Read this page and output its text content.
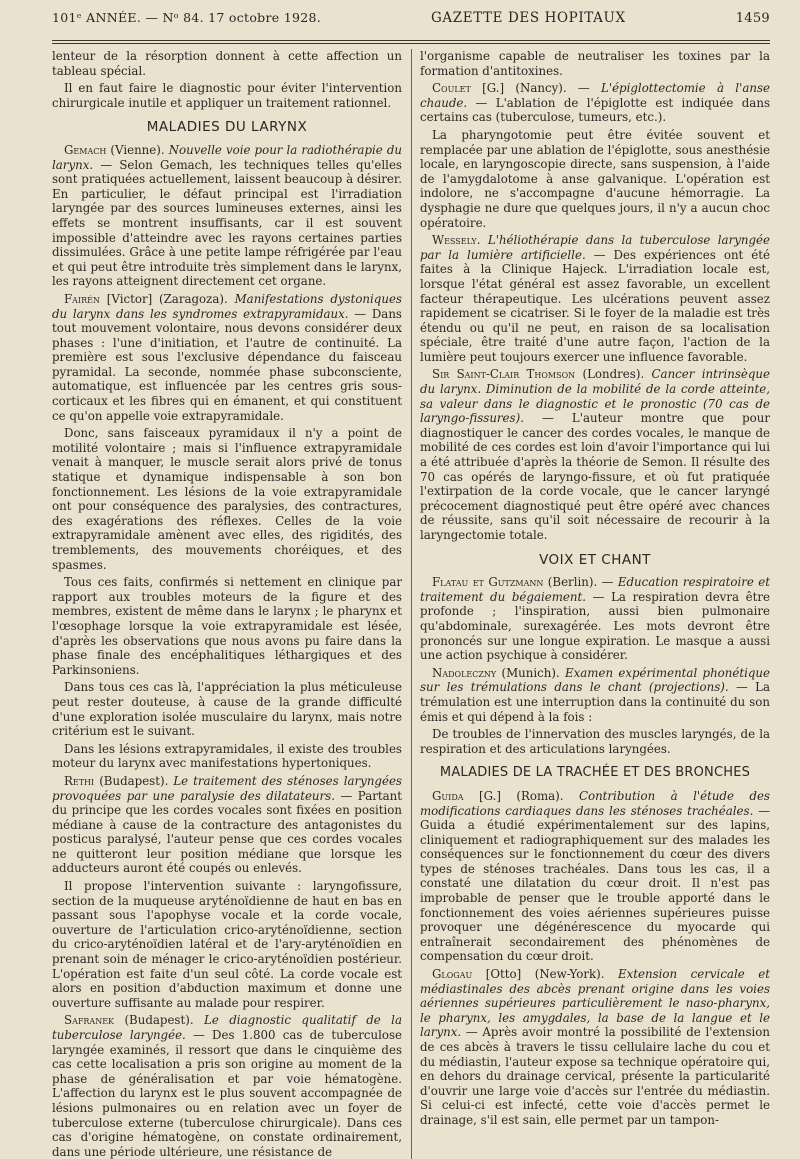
101ᵉ ANNÉE. — Nᵒ 84. 17 octobre 1928.	GAZETTE DES HOPITAUX	1459

lenteur de la résorption donnent à cette affection un tableau spécial.

Il en faut faire le diagnostic pour éviter l'intervention chirurgicale inutile et appliquer un traitement rationnel.

MALADIES DU LARYNX

Gemach (Vienne). Nouvelle voie pour la radiothérapie du larynx. — Selon Gemach, les techniques telles qu'elles sont pratiquées actuellement, laissent beaucoup à désirer. En particulier, le défaut principal est l'irradiation laryngée par des sources lumineuses externes, ainsi les effets se montrent insuffisants, car il est souvent impossible d'atteindre avec les rayons certaines parties dissimulées. Grâce à une petite lampe réfrigérée par l'eau et qui peut être introduite très simplement dans le larynx, les rayons atteignent directement cet organe.

Fairén [Victor] (Zaragoza). Manifestations dystoniques du larynx dans les syndromes extrapyramidaux. — Dans tout mouvement volontaire, nous devons considérer deux phases : l'une d'initiation, et l'autre de continuité. La première est sous l'exclusive dépendance du faisceau pyramidal. La seconde, nommée phase subconsciente, automatique, est influencée par les centres gris sous-corticaux et les fibres qui en émanent, et qui constituent ce qu'on appelle voie extrapyramidale.

Donc, sans faisceaux pyramidaux il n'y a point de motilité volontaire ; mais si l'influence extrapyramidale venait à manquer, le muscle serait alors privé de tonus statique et dynamique indispensable à son bon fonctionnement. Les lésions de la voie extrapyramidale ont pour conséquence des paralysies, des contractures, des exagérations des réflexes. Celles de la voie extrapyramidale amènent avec elles, des rigidités, des tremblements, des mouvements choréiques, et des spasmes.

Tous ces faits, confirmés si nettement en clinique par rapport aux troubles moteurs de la figure et des membres, existent de même dans le larynx ; le pharynx et l'œsophage lorsque la voie extrapyramidale est lésée, d'après les observations que nous avons pu faire dans la phase finale des encéphalitiques léthargiques et des Parkinsoniens.

Dans tous ces cas là, l'appréciation la plus méticuleuse peut rester douteuse, à cause de la grande difficulté d'une exploration isolée musculaire du larynx, mais notre critérium est le suivant.

Dans les lésions extrapyramidales, il existe des troubles moteur du larynx avec manifestations hypertoniques.

Rethi (Budapest). Le traitement des sténoses laryngées provoquées par une paralysie des dilatateurs. — Partant du principe que les cordes vocales sont fixées en position médiane à cause de la contracture des antagonistes du posticus paralysé, l'auteur pense que ces cordes vocales ne quitteront leur position médiane que lorsque les adducteurs auront été coupés ou enlevés.

Il propose l'intervention suivante : laryngofissure, section de la muqueuse aryténoïdienne de haut en bas en passant sous l'apophyse vocale et la corde vocale, ouverture de l'articulation crico-aryténoïdienne, section du crico-aryténoïdien latéral et de l'ary-aryténoïdien en prenant soin de ménager le crico-aryténoïdien postérieur. L'opération est faite d'un seul côté. La corde vocale est alors en position d'abduction maximum et donne une ouverture suffisante au malade pour respirer.

Safranek (Budapest). Le diagnostic qualitatif de la tuberculose laryngée. — Des 1.800 cas de tuberculose laryngée examinés, il ressort que dans le cinquième des cas cette localisation a pris son origine au moment de la phase de généralisation et par voie hématogène. L'affection du larynx est le plus souvent accompagnée de lésions pulmonaires ou en relation avec un foyer de tuberculose externe (tuberculose chirurgicale). Dans ces cas d'origine hématogène, on constate ordinairement, dans une période ultérieure, une résistance de

l'organisme capable de neutraliser les toxines par la formation d'antitoxines.

Coulet [G.] (Nancy). — L'épiglottectomie à l'anse chaude. — L'ablation de l'épiglotte est indiquée dans certains cas (tuberculose, tumeurs, etc.).

La pharyngotomie peut être évitée souvent et remplacée par une ablation de l'épiglotte, sous anesthésie locale, en laryngoscopie directe, sans suspension, à l'aide de l'amygdalotome à anse galvanique. L'opération est indolore, ne s'accompagne d'aucune hémorragie. La dysphagie ne dure que quelques jours, il n'y a aucun choc opératoire.

Wessely. L'héliothérapie dans la tuberculose laryngée par la lumière artificielle. — Des expériences ont été faites à la Clinique Hajeck. L'irradiation locale est, lorsque l'état général est assez favorable, un excellent facteur thérapeutique. Les ulcérations peuvent assez rapidement se cicatriser. Si le foyer de la maladie est très étendu ou qu'il ne peut, en raison de sa localisation spéciale, être traité d'une autre façon, l'action de la lumière peut toujours exercer une influence favorable.

Sir Saint-Clair Thomson (Londres). Cancer intrinsèque du larynx. Diminution de la mobilité de la corde atteinte, sa valeur dans le diagnostic et le pronostic (70 cas de laryngo-fissures). — L'auteur montre que pour diagnostiquer le cancer des cordes vocales, le manque de mobilité de ces cordes est loin d'avoir l'importance qui lui a été attribuée d'après la théorie de Semon. Il résulte des 70 cas opérés de laryngo-fissure, et où fut pratiquée l'extirpation de la corde vocale, que le cancer laryngé précocement diagnostiqué peut être opéré avec chances de réussite, sans qu'il soit nécessaire de recourir à la laryngectomie totale.

VOIX ET CHANT

Flatau et Gutzmann (Berlin). — Education respiratoire et traitement du bégaiement. — La respiration devra être profonde ; l'inspiration, aussi bien pulmonaire qu'abdominale, surexagérée. Les mots devront être prononcés sur une longue expiration. Le masque a aussi une action psychique à considérer.

Nadoleczny (Munich). Examen expérimental phonétique sur les trémulations dans le chant (projections). — La trémulation est une interruption dans la continuité du son émis et qui dépend à la fois :

De troubles de l'innervation des muscles laryngés, de la respiration et des articulations laryngées.

MALADIES DE LA TRACHÉE ET DES BRONCHES

Guida [G.] (Roma). Contribution à l'étude des modifications cardiaques dans les sténoses trachéales. — Guida a étudié expérimentalement sur des lapins, cliniquement et radiographiquement sur des malades les conséquences sur le fonctionnement du cœur des divers types de sténoses trachéales. Dans tous les cas, il a constaté une dilatation du cœur droit. Il n'est pas improbable de penser que le trouble apporté dans le fonctionnement des voies aériennes supérieures puisse provoquer une dégénérescence du myocarde qui entraînerait secondairement des phénomènes de compensation du cœur droit.

Glogau [Otto] (New-York). Extension cervicale et médiastinales des abcès prenant origine dans les voies aériennes supérieures particulièrement le naso-pharynx, le pharynx, les amygdales, la base de la langue et le larynx. — Après avoir montré la possibilité de l'extension de ces abcès à travers le tissu cellulaire lache du cou et du médiastin, l'auteur expose sa technique opératoire qui, en dehors du drainage cervical, présente la particularité d'ouvrir une large voie d'accès sur l'entrée du médiastin. Si celui-ci est infecté, cette voie d'accès permet le drainage, s'il est sain, elle permet par un tampon-
